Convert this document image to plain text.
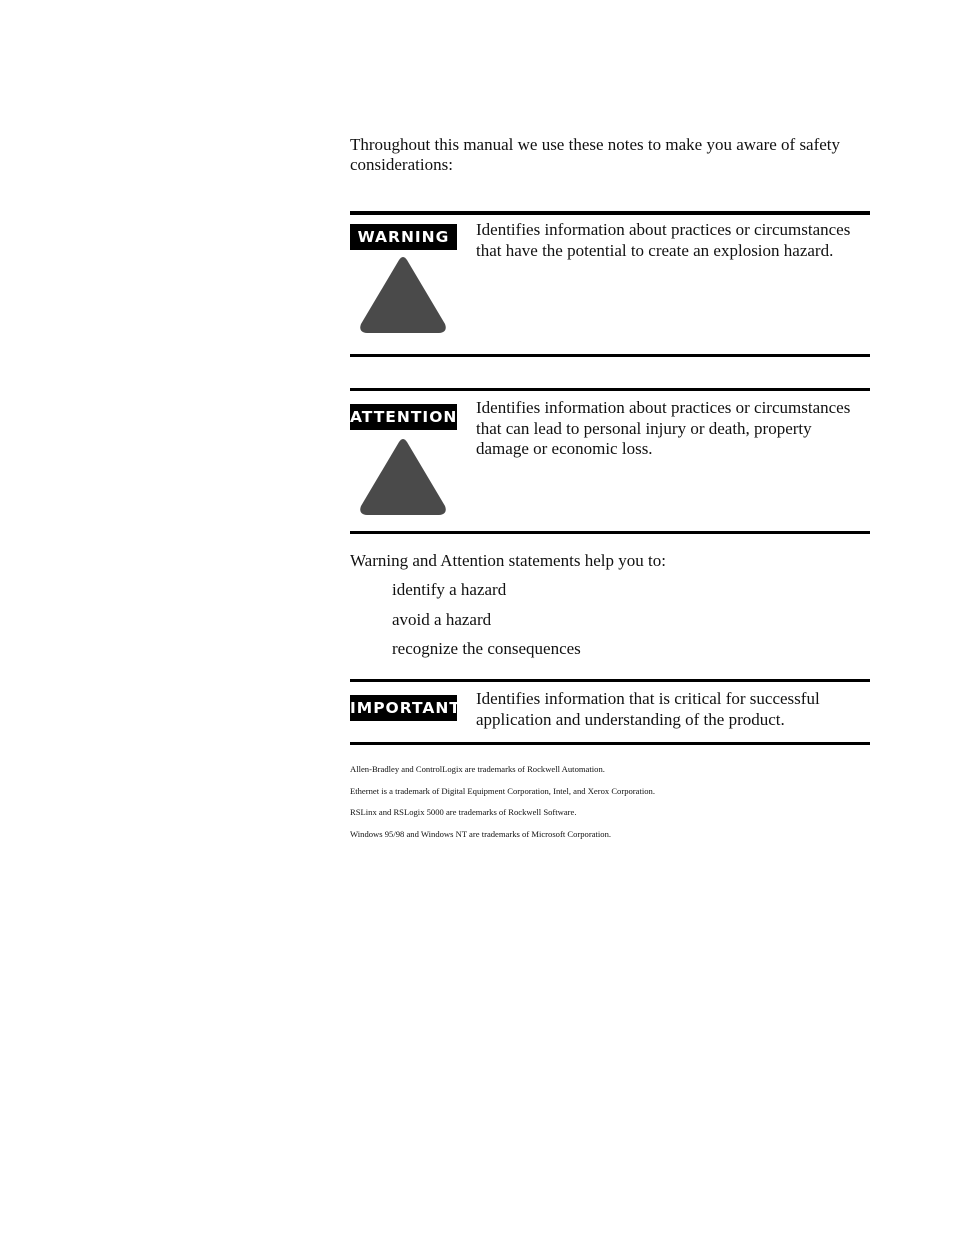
Throughout this manual we use these notes to make you aware of safety considerations:
WARNING	Identifies information about practices or circumstances that have the potential to create an explosion hazard.
ATTENTION Identifies information about practices or circumstances that can lead to personal injury or death, property damage or economic loss.
Warning and Attention statements help you to:
identify a hazard
avoid a hazard
recognize the consequences
IMPORTANT Identifies information that is critical for successful application and understanding of the product.
Allen-Bradley and ControlLogix are trademarks of Rockwell Automation.
Ethernet is a trademark of Digital Equipment Corporation, Intel, and Xerox Corporation.
RSLinx and RSLogix 5000 are trademarks of Rockwell Software.
Windows 95/98 and Windows NT are trademarks of Microsoft Corporation.
